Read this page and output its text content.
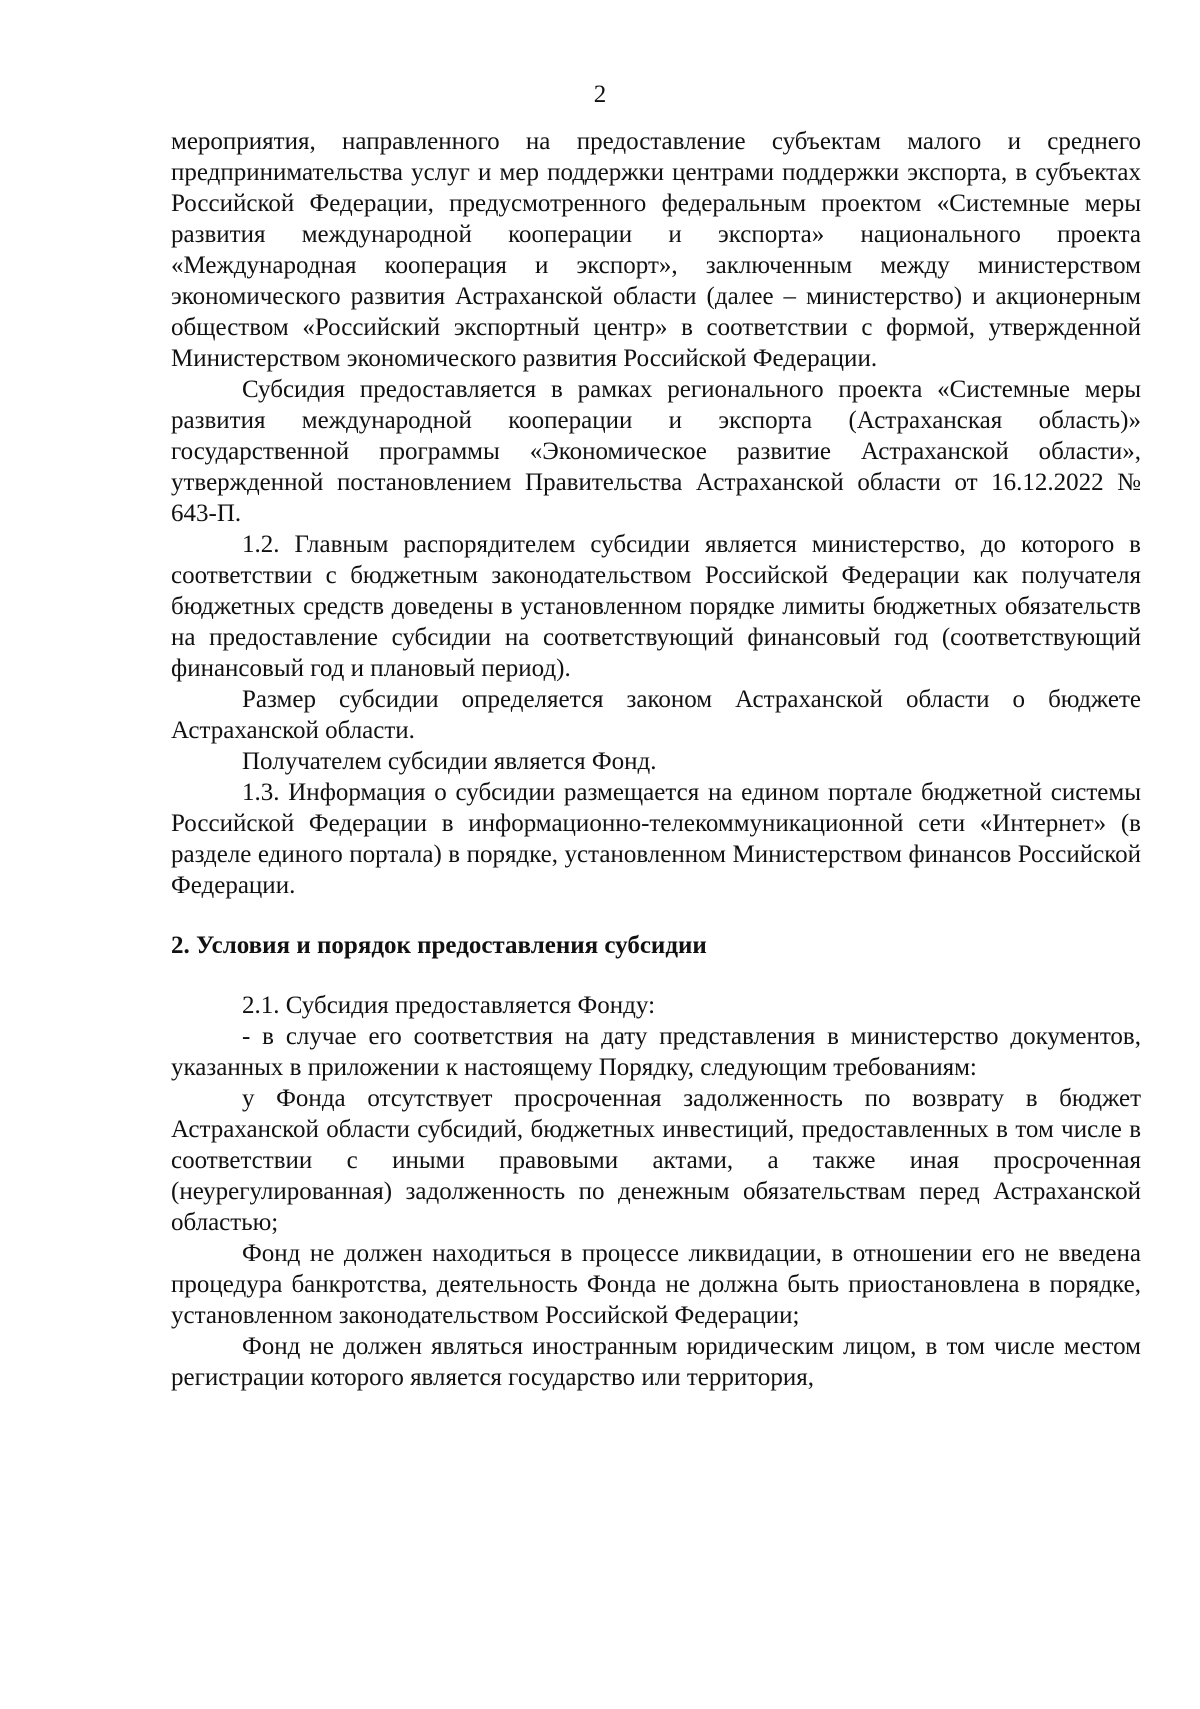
2

мероприятия, направленного на предоставление субъектам малого и среднего предпринимательства услуг и мер поддержки центрами поддержки экспорта, в субъектах Российской Федерации, предусмотренного федеральным проектом «Системные меры развития международной кооперации и экспорта» национального проекта «Международная кооперация и экспорт», заключенным между министерством экономического развития Астраханской области (далее – министерство) и акционерным обществом «Российский экспортный центр» в соответствии с формой, утвержденной Министерством экономического развития Российской Федерации.

Субсидия предоставляется в рамках регионального проекта «Системные меры развития международной кооперации и экспорта (Астраханская область)» государственной программы «Экономическое развитие Астраханской области», утвержденной постановлением Правительства Астраханской области от 16.12.2022 № 643-П.

1.2. Главным распорядителем субсидии является министерство, до которого в соответствии с бюджетным законодательством Российской Федерации как получателя бюджетных средств доведены в установленном порядке лимиты бюджетных обязательств на предоставление субсидии на соответствующий финансовый год (соответствующий финансовый год и плановый период).

Размер субсидии определяется законом Астраханской области о бюджете Астраханской области.

Получателем субсидии является Фонд.

1.3. Информация о субсидии размещается на едином портале бюджетной системы Российской Федерации в информационно-телекоммуникационной сети «Интернет» (в разделе единого портала) в порядке, установленном Министерством финансов Российской Федерации.

2. Условия и порядок предоставления субсидии

2.1. Субсидия предоставляется Фонду:

- в случае его соответствия на дату представления в министерство документов, указанных в приложении к настоящему Порядку, следующим требованиям:

у Фонда отсутствует просроченная задолженность по возврату в бюджет Астраханской области субсидий, бюджетных инвестиций, предоставленных в том числе в соответствии с иными правовыми актами, а также иная просроченная (неурегулированная) задолженность по денежным обязательствам перед Астраханской областью;

Фонд не должен находиться в процессе ликвидации, в отношении его не введена процедура банкротства, деятельность Фонда не должна быть приостановлена в порядке, установленном законодательством Российской Федерации;

Фонд не должен являться иностранным юридическим лицом, в том числе местом регистрации которого является государство или территория,
